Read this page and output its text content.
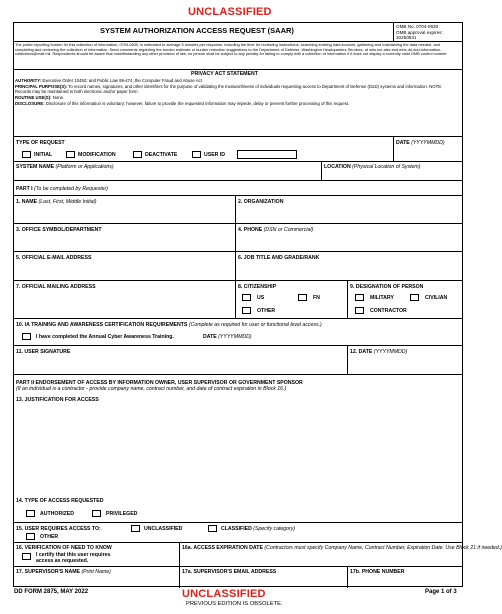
UNCLASSIFIED
SYSTEM AUTHORIZATION ACCESS REQUEST (SAAR)	OMB No. 0704-0630
OMB approval expires:
20250531
The public reporting burden for this collection of information, 0704-0630, is estimated to average 5 minutes per response, including the time for reviewing instructions, searching existing data sources, gathering and maintaining the data needed, and completing and reviewing the collection of information. Send comments regarding the burden estimate or burden reduction suggestions to the Department of Defense, Washington Headquarters Services, at whs.mc-alex.esd.mbx.dd-dod-information-collections@mail.mil. Respondents should be aware that notwithstanding any other provision of law, no person shall be subject to any penalty for failing to comply with a collection of information if it does not display a currently valid OMB control number.
PRIVACY ACT STATEMENT
AUTHORITY: Executive Order 10450; and Public Law 99-474, the Computer Fraud and Abuse Act
PRINCIPAL PURPOSE(S): To record names, signatures, and other identifiers for the purpose of validating the trustworthiness of individuals requesting access to Department of Defense (DoD) systems and information. NOTE: Records may be maintained in both electronic and/or paper form
ROUTINE USE(S): None.
DISCLOSURE: Disclosure of this information is voluntary; however, failure to provide the requested information may impede, delay or prevent further processing of this request.
TYPE OF REQUEST
INITIAL	MODIFICATION	DEACTIVATE	USER ID
DATE (YYYYMMDD)
SYSTEM NAME (Platform or Applications)	LOCATION (Physical Location of System)
PART I (To be completed by Requester)
1. NAME (Last, First, Middle Initial)	2. ORGANIZATION
3. OFFICE SYMBOL/DEPARTMENT	4. PHONE (DSN or Commercial)
5. OFFICIAL E-MAIL ADDRESS	6. JOB TITLE AND GRADE/RANK
7. OFFICIAL MAILING ADDRESS	8. CITIZENSHIP
US	FN
OTHER
9. DESIGNATION OF PERSON
MILITARY	CIVILIAN
CONTRACTOR
10. IA TRAINING AND AWARENESS CERTIFICATION REQUIREMENTS (Complete as required for user or functional level access.)
I have completed the Annual Cyber Awareness Training.	DATE (YYYYMMDD)
11. USER SIGNATURE	12. DATE (YYYYMMDD)
PART II ENDORSEMENT OF ACCESS BY INFORMATION OWNER, USER SUPERVISOR OR GOVERNMENT SPONSOR
(If an individual is a contractor - provide company name, contract number, and date of contract expiration in Block 16.)
13. JUSTIFICATION FOR ACCESS
14. TYPE OF ACCESS REQUESTED
AUTHORIZED	PRIVILEGED
15. USER REQUIRES ACCESS TO:	UNCLASSIFIED	CLASSIFIED (Specify category)
OTHER
16. VERIFICATION OF NEED TO KNOW
I certify that this user requires
access as requested.
16a. ACCESS EXPIRATION DATE (Contractors must specify Company Name, Contract Number, Expiration Date. Use Block 21 if needed.)
17. SUPERVISOR'S NAME (Print Name)	17a. SUPERVISOR'S EMAIL ADDRESS	17b. PHONE NUMBER
DD FORM 2875, MAY 2022	UNCLASSIFIED	Page 1 of 3
PREVIOUS EDITION IS OBSOLETE.
